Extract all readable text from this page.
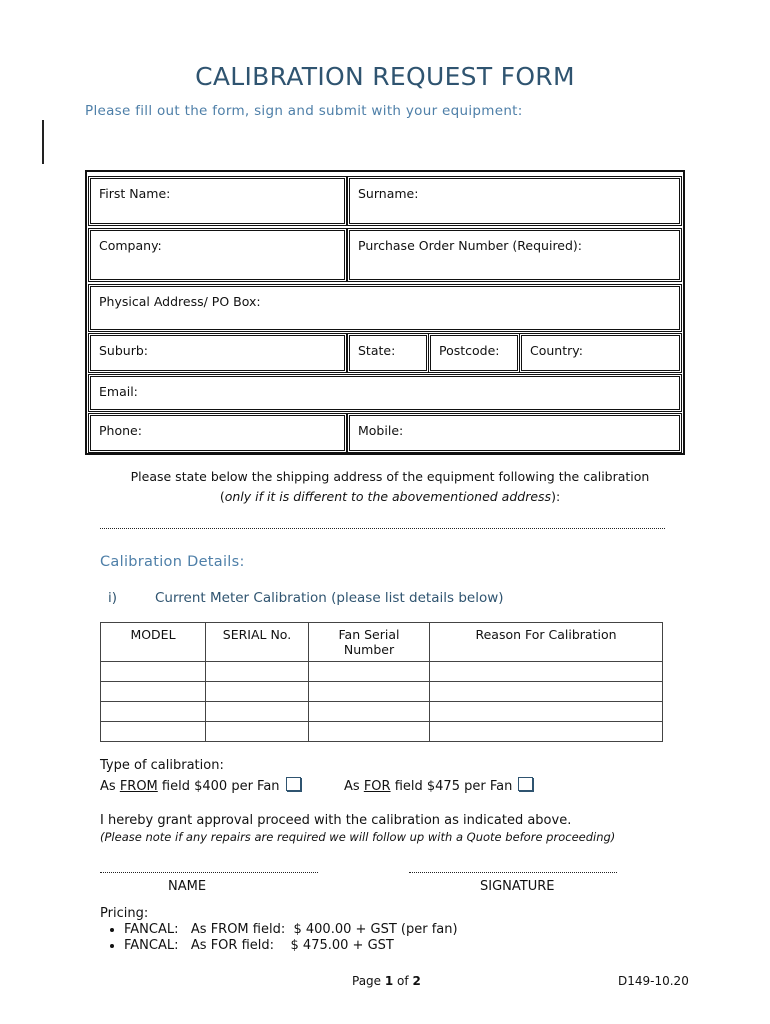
CALIBRATION REQUEST FORM
Please fill out the form, sign and submit with your equipment:
First Name:	Surname:
Company:	Purchase Order Number (Required):
Physical Address/ PO Box:
Suburb:	State:	Postcode:	Country:
Email:
Phone:	Mobile:
Please state below the shipping address of the equipment following the calibration
(only if it is different to the abovementioned address):
Calibration Details:
i)	Current Meter Calibration (please list details below)
MODEL	SERIAL No.	Fan Serial Number	Reason For Calibration

Type of calibration:
As FROM field $400 per Fan	As FOR field $475 per Fan
I hereby grant approval proceed with the calibration as indicated above.
(Please note if any repairs are required we will follow up with a Quote before proceeding)
NAME	SIGNATURE
Pricing:
• FANCAL:   As FROM field:  $ 400.00 + GST (per fan)
• FANCAL:   As FOR field:    $ 475.00 + GST
Page 1 of 2	D149-10.20
